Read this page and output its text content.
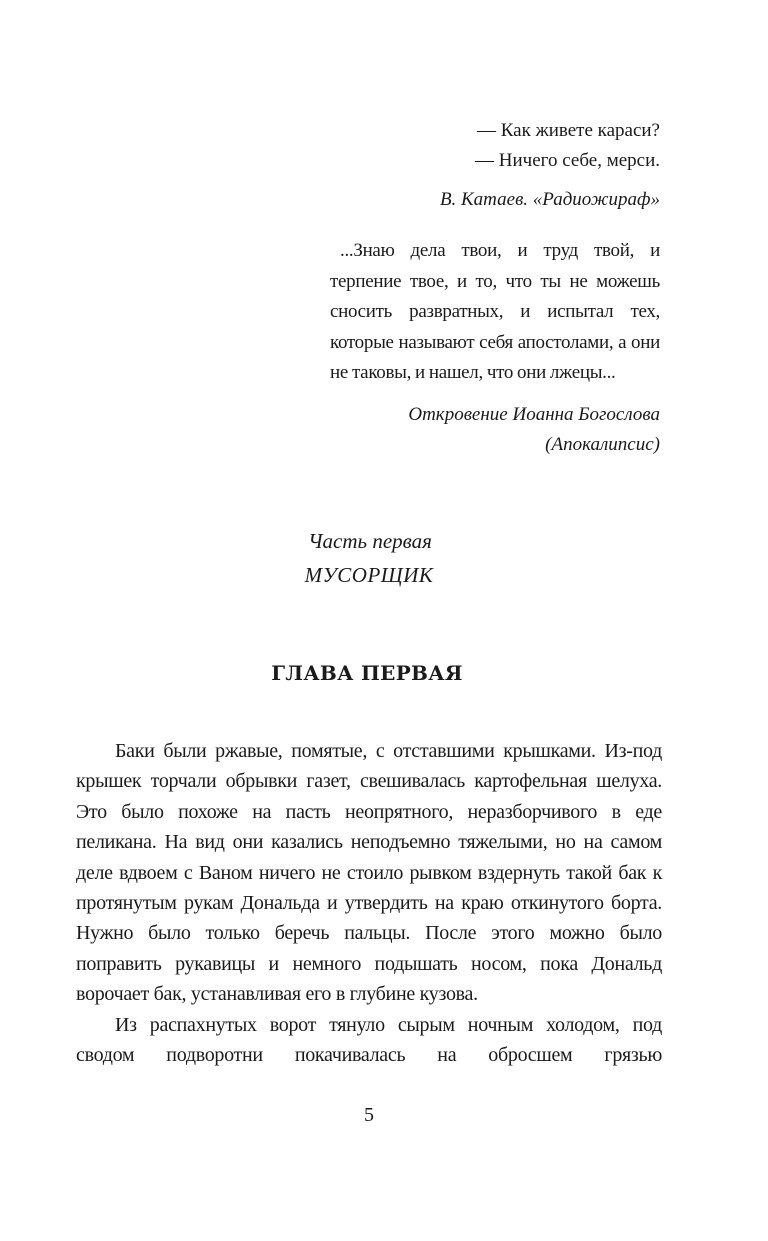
— Как живете караси?
— Ничего себе, мерси.
В. Катаев. «Радиожираф»
...Знаю дела твои, и труд твой, и терпение твое, и то, что ты не можешь сносить развратных, и испытал тех, которые называют себя апостолами, а они не таковы, и нашел, что они лжецы...
Откровение Иоанна Богослова
(Апокалипсис)
Часть первая
МУСОРЩИК
ГЛАВА ПЕРВАЯ

Баки были ржавые, помятые, с отставшими крышками. Из-под крышек торчали обрывки газет, свешивалась картофельная шелуха. Это было похоже на пасть неопрятного, неразборчивого в еде пеликана. На вид они казались неподъемно тяжелыми, но на самом деле вдвоем с Ваном ничего не стоило рывком вздернуть такой бак к протянутым рукам Дональда и утвердить на краю откинутого борта. Нужно было только беречь пальцы. После этого можно было поправить рукавицы и немного подышать носом, пока Дональд ворочает бак, устанавливая его в глубине кузова.

Из распахнутых ворот тянуло сырым ночным холодом, под сводом подворотни покачивалась на обросшем грязью

5
